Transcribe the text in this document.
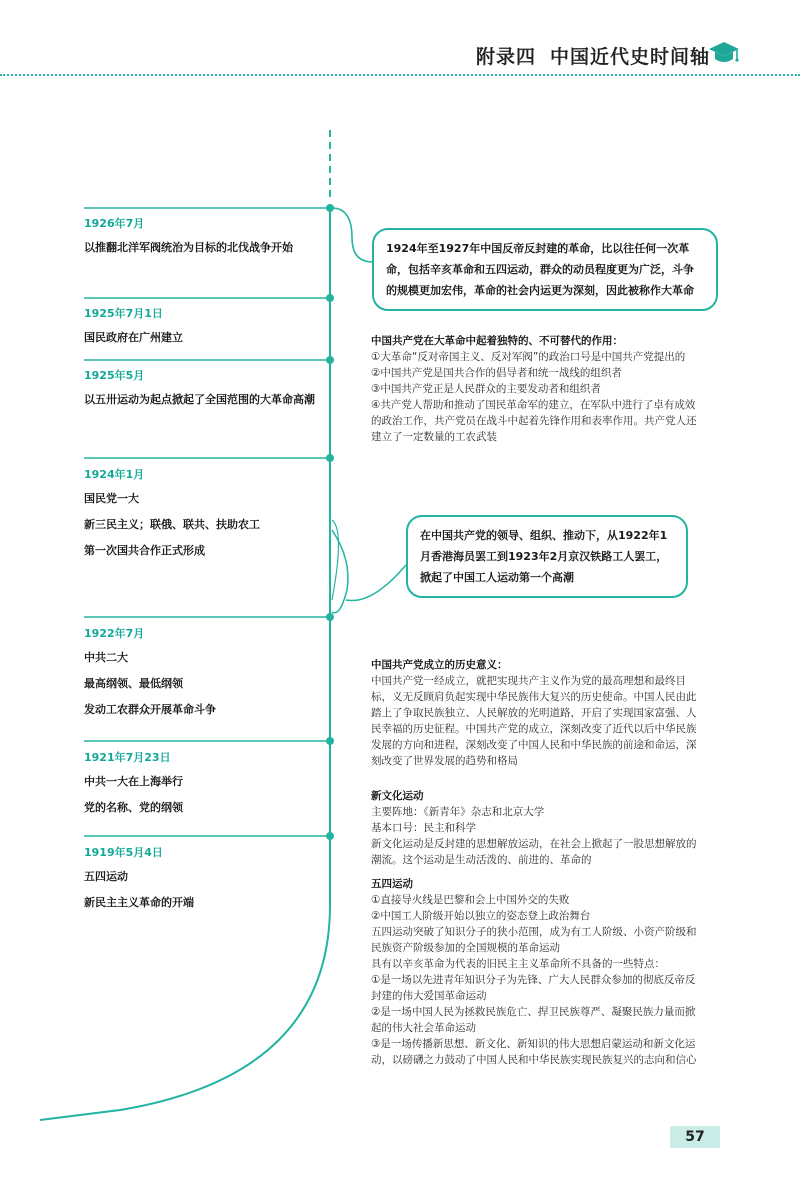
附录四 中国近代史时间轴
1926年7月
以推翻北洋军阀统治为目标的北伐战争开始
1925年7月1日
国民政府在广州建立
1925年5月
以五卅运动为起点掀起了全国范围的大革命高潮
1924年1月
国民党一大
新三民主义；联俄、联共、扶助农工
第一次国共合作正式形成
1922年7月
中共二大
最高纲领、最低纲领
发动工农群众开展革命斗争
1921年7月23日
中共一大在上海举行
党的名称、党的纲领
1919年5月4日
五四运动
新民主主义革命的开端
1924年至1927年中国反帝反封建的革命，比以往任何一次革命，包括辛亥革命和五四运动，群众的动员程度更为广泛，斗争的规模更加宏伟，革命的社会内运更为深刻，因此被称作大革命
在中国共产党的领导、组织、推动下，从1922年1月香港海员罢工到1923年2月京汉铁路工人罢工，掀起了中国工人运动第一个高潮

中国共产党在大革命中起着独特的、不可替代的作用：

①大革命“反对帝国主义、反对军阀”的政治口号是中国共产党提出的

②中国共产党是国共合作的倡导者和统一战线的组织者

③中国共产党正是人民群众的主要发动者和组织者

④共产党人帮助和推动了国民革命军的建立，在军队中进行了卓有成效的政治工作，共产党员在战斗中起着先锋作用和表率作用。共产党人还建立了一定数量的工农武装

中国共产党成立的历史意义：

中国共产党一经成立，就把实现共产主义作为党的最高理想和最终目标，义无反顾肩负起实现中华民族伟大复兴的历史使命。中国人民由此踏上了争取民族独立、人民解放的光明道路，开启了实现国家富强、人民幸福的历史征程。中国共产党的成立，深刻改变了近代以后中华民族发展的方向和进程，深刻改变了中国人民和中华民族的前途和命运，深刻改变了世界发展的趋势和格局

新文化运动

主要阵地：《新青年》杂志和北京大学

基本口号：民主和科学

新文化运动是反封建的思想解放运动，在社会上掀起了一股思想解放的潮流。这个运动是生动活泼的、前进的、革命的

五四运动

①直接导火线是巴黎和会上中国外交的失败

②中国工人阶级开始以独立的姿态登上政治舞台

五四运动突破了知识分子的狭小范围，成为有工人阶级、小资产阶级和民族资产阶级参加的全国规模的革命运动

具有以辛亥革命为代表的旧民主主义革命所不具备的一些特点：

①是一场以先进青年知识分子为先锋、广大人民群众参加的彻底反帝反封建的伟大爱国革命运动

②是一场中国人民为拯救民族危亡、捍卫民族尊严、凝聚民族力量而掀起的伟大社会革命运动

③是一场传播新思想、新文化、新知识的伟大思想启蒙运动和新文化运动，以磅礴之力鼓动了中国人民和中华民族实现民族复兴的志向和信心

57
